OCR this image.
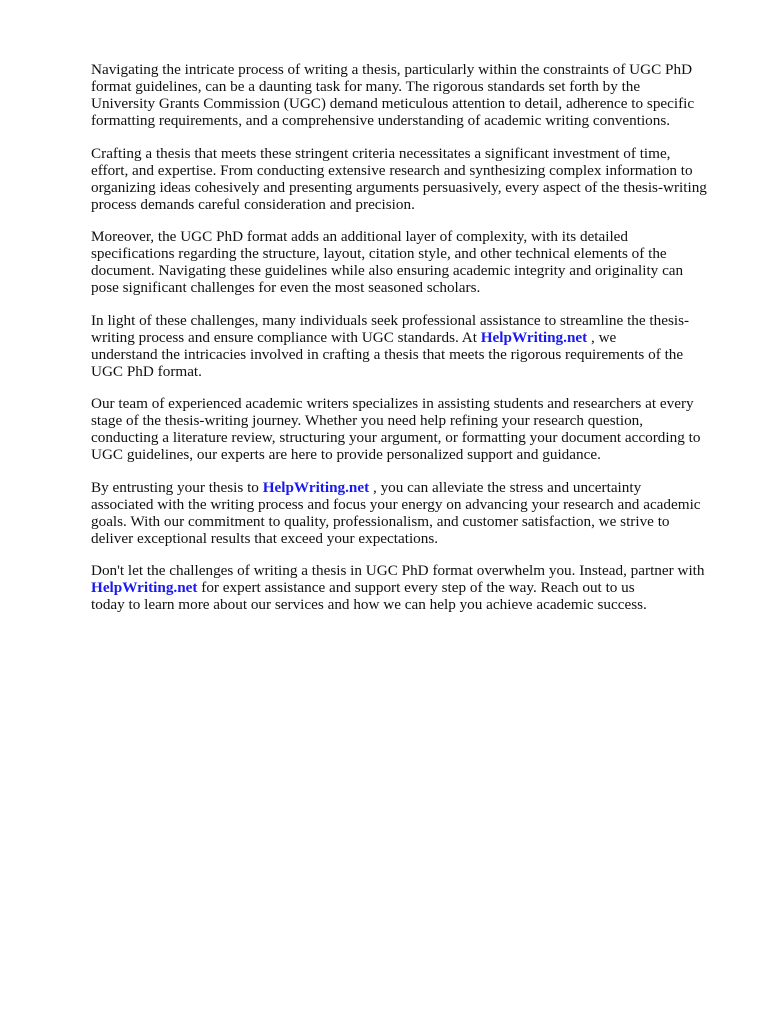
Navigating the intricate process of writing a thesis, particularly within the constraints of UGC PhD
format guidelines, can be a daunting task for many. The rigorous standards set forth by the
University Grants Commission (UGC) demand meticulous attention to detail, adherence to specific
formatting requirements, and a comprehensive understanding of academic writing conventions.

Crafting a thesis that meets these stringent criteria necessitates a significant investment of time,
effort, and expertise. From conducting extensive research and synthesizing complex information to
organizing ideas cohesively and presenting arguments persuasively, every aspect of the thesis-writing
process demands careful consideration and precision.

Moreover, the UGC PhD format adds an additional layer of complexity, with its detailed
specifications regarding the structure, layout, citation style, and other technical elements of the
document. Navigating these guidelines while also ensuring academic integrity and originality can
pose significant challenges for even the most seasoned scholars.

In light of these challenges, many individuals seek professional assistance to streamline the thesis-
writing process and ensure compliance with UGC standards. At HelpWriting.net , we
understand the intricacies involved in crafting a thesis that meets the rigorous requirements of the
UGC PhD format.

Our team of experienced academic writers specializes in assisting students and researchers at every
stage of the thesis-writing journey. Whether you need help refining your research question,
conducting a literature review, structuring your argument, or formatting your document according to
UGC guidelines, our experts are here to provide personalized support and guidance.

By entrusting your thesis to HelpWriting.net , you can alleviate the stress and uncertainty
associated with the writing process and focus your energy on advancing your research and academic
goals. With our commitment to quality, professionalism, and customer satisfaction, we strive to
deliver exceptional results that exceed your expectations.

Don't let the challenges of writing a thesis in UGC PhD format overwhelm you. Instead, partner with
HelpWriting.net for expert assistance and support every step of the way. Reach out to us
today to learn more about our services and how we can help you achieve academic success.
